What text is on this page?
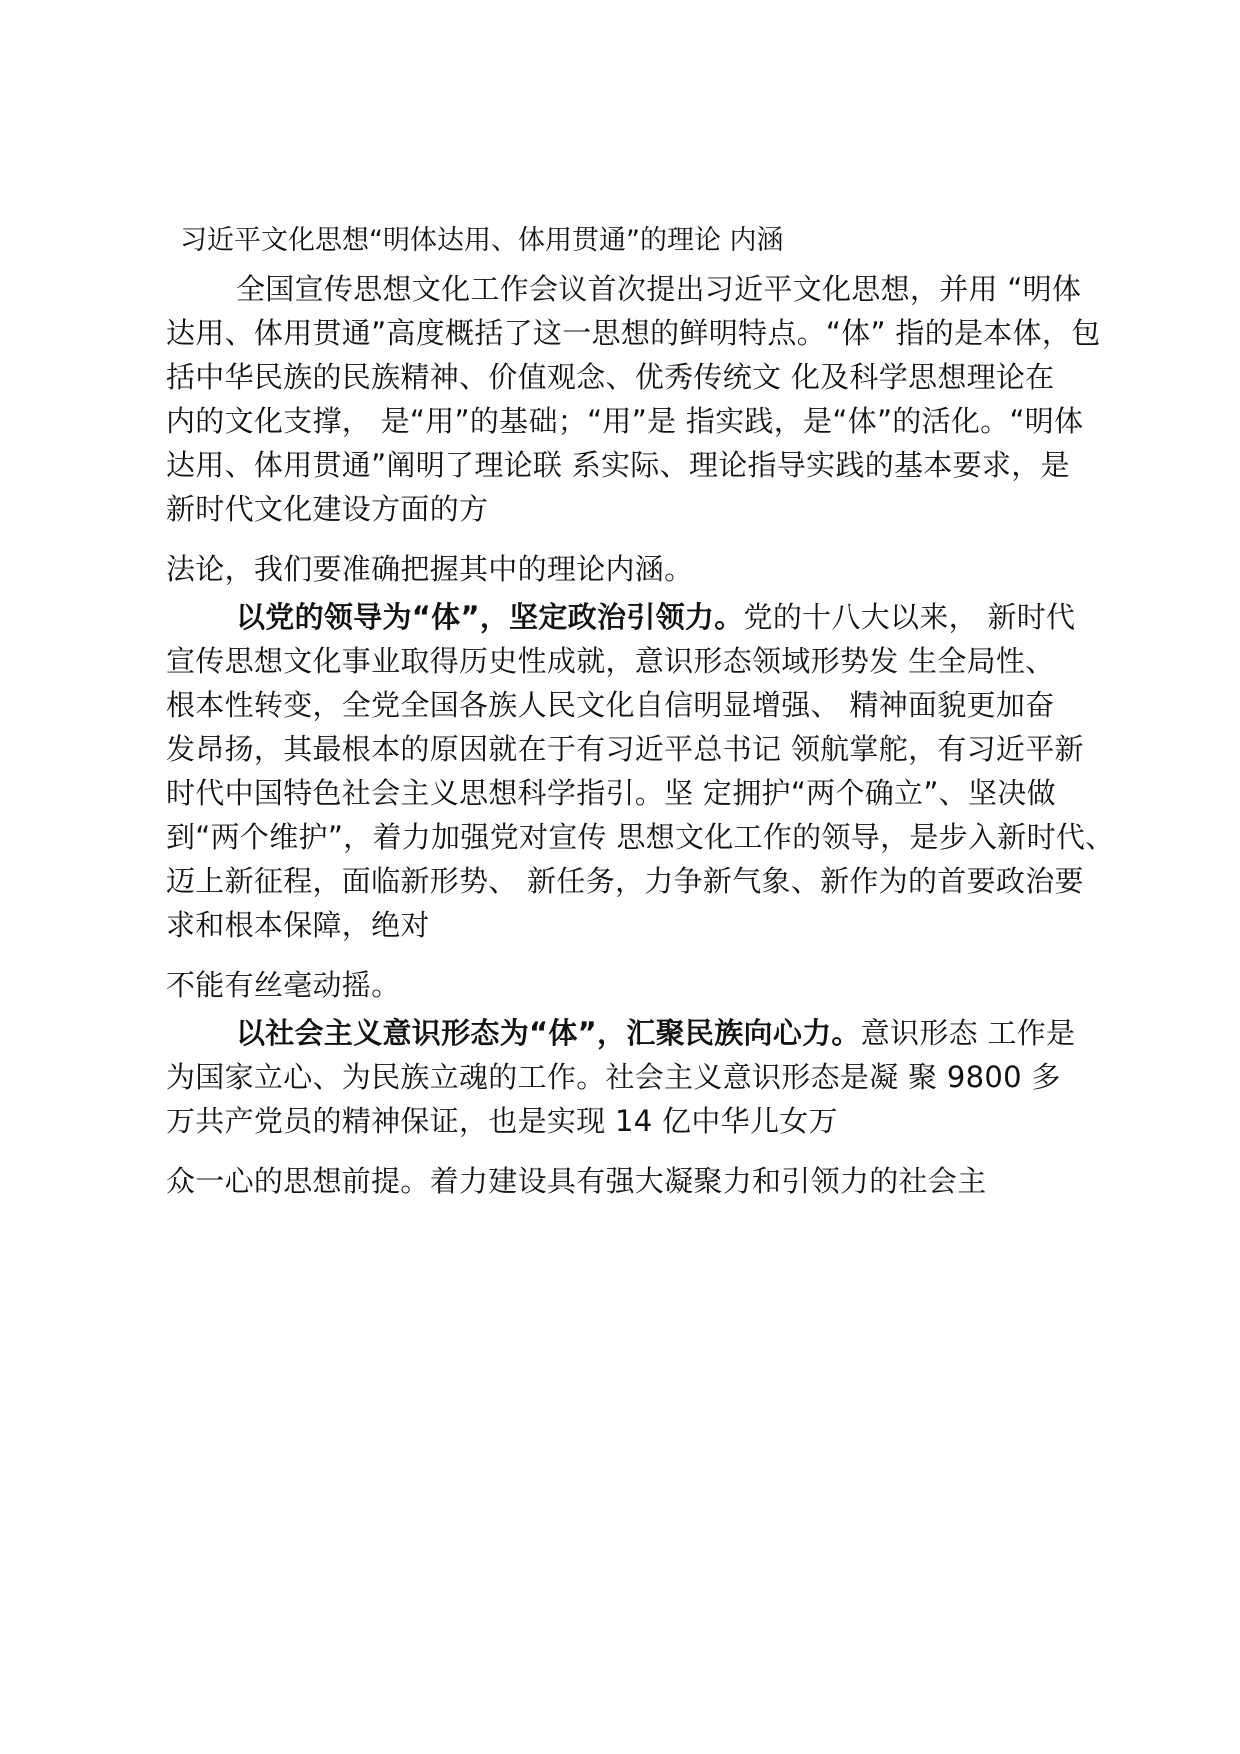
习近平文化思想“明体达用、体用贯通”的理论 内涵
全国宣传思想文化工作会议首次提出习近平文化思想，并用 “明体
达用、体用贯通”高度概括了这一思想的鲜明特点。“体” 指的是本体，包
括中华民族的民族精神、价值观念、优秀传统文 化及科学思想理论在
内的文化支撑， 是“用”的基础；“用”是 指实践，是“体”的活化。“明体
达用、体用贯通”阐明了理论联 系实际、理论指导实践的基本要求，是
新时代文化建设方面的方
法论，我们要准确把握其中的理论内涵。
以党的领导为“体”，坚定政治引领力。党的十八大以来， 新时代
宣传思想文化事业取得历史性成就，意识形态领域形势发 生全局性、
根本性转变，全党全国各族人民文化自信明显增强、 精神面貌更加奋
发昂扬，其最根本的原因就在于有习近平总书记 领航掌舵，有习近平新
时代中国特色社会主义思想科学指引。坚 定拥护“两个确立”、坚决做
到“两个维护”，着力加强党对宣传 思想文化工作的领导，是步入新时代、
迈上新征程，面临新形势、 新任务，力争新气象、新作为的首要政治要
求和根本保障，绝对
不能有丝毫动摇。
以社会主义意识形态为“体”，汇聚民族向心力。意识形态 工作是
为国家立心、为民族立魂的工作。社会主义意识形态是凝 聚 9800 多
万共产党员的精神保证，也是实现 14 亿中华儿女万
众一心的思想前提。着力建设具有强大凝聚力和引领力的社会主
